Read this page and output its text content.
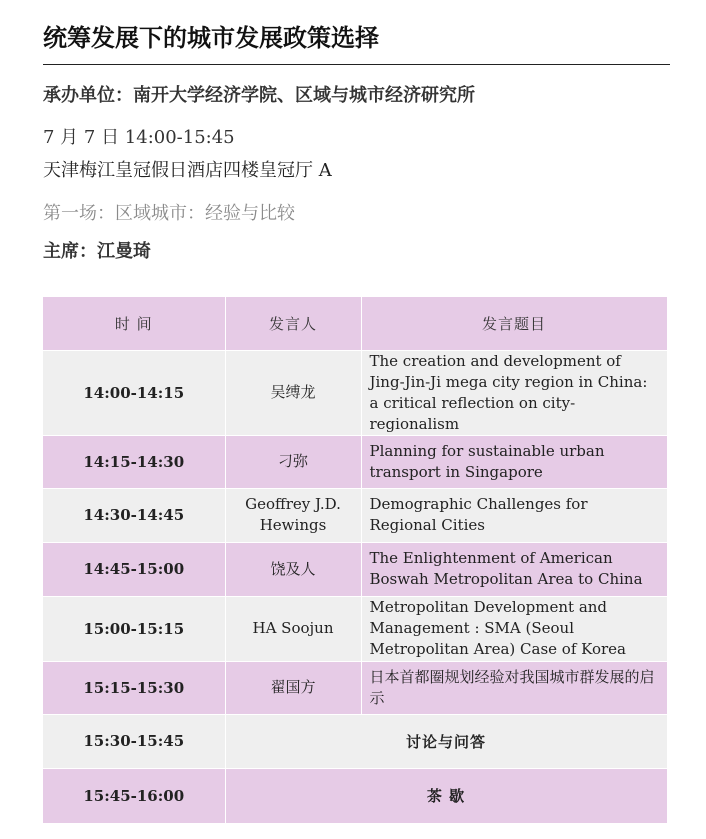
统筹发展下的城市发展政策选择

承办单位：南开大学经济学院、区域与城市经济研究所

7 月 7 日 14:00-15:45

天津梅江皇冠假日酒店四楼皇冠厅 A

第一场：区域城市：经验与比较

主席：江曼琦

时 间	发言人	发言题目
14:00-14:15	吴缚龙	The creation and development of Jing-Jin-Ji mega city region in China: a critical reflection on city-regionalism
14:15-14:30	刁弥	Planning for sustainable urban transport in Singapore
14:30-14:45	Geoffrey J.D. Hewings	Demographic Challenges for Regional Cities
14:45-15:00	饶及人	The Enlightenment of American Boswah Metropolitan Area to China
15:00-15:15	HA Soojun	Metropolitan Development and Management : SMA (Seoul Metropolitan Area) Case of Korea
15:15-15:30	翟国方	日本首都圈规划经验对我国城市群发展的启示
15:30-15:45	讨论与问答	
15:45-16:00	茶 歇	
